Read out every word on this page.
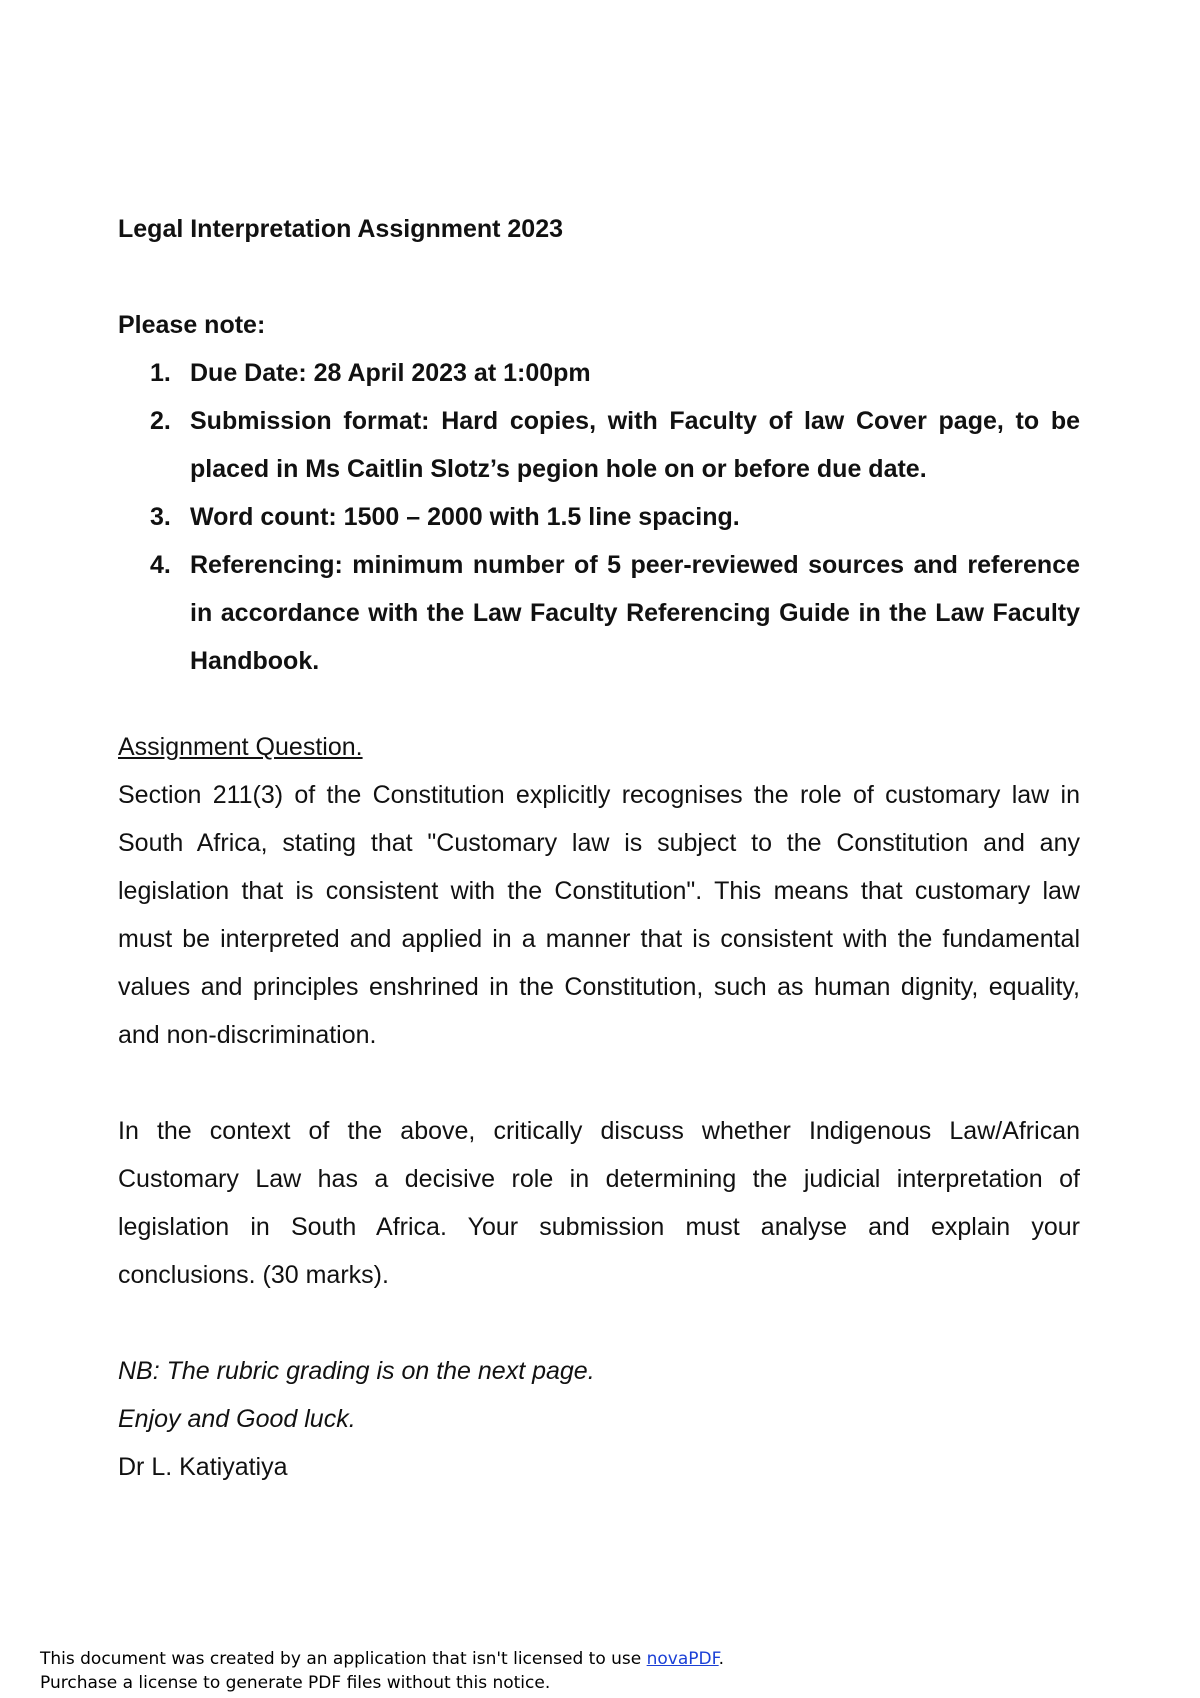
Legal Interpretation Assignment 2023

Please note:

1. Due Date: 28 April 2023 at 1:00pm
2. Submission format: Hard copies, with Faculty of law Cover page, to be placed in Ms Caitlin Slotz’s pegion hole on or before due date.
3. Word count: 1500 – 2000 with 1.5 line spacing.
4. Referencing: minimum number of 5 peer-reviewed sources and reference in accordance with the Law Faculty Referencing Guide in the Law Faculty Handbook.

Assignment Question.

Section 211(3) of the Constitution explicitly recognises the role of customary law in South Africa, stating that "Customary law is subject to the Constitution and any legislation that is consistent with the Constitution". This means that customary law must be interpreted and applied in a manner that is consistent with the fundamental values and principles enshrined in the Constitution, such as human dignity, equality, and non-discrimination.

In the context of the above, critically discuss whether Indigenous Law/African Customary Law has a decisive role in determining the judicial interpretation of legislation in South Africa. Your submission must analyse and explain your conclusions. (30 marks).

NB: The rubric grading is on the next page.

Enjoy and Good luck.

Dr L. Katiyatiya

This document was created by an application that isn't licensed to use novaPDF.
Purchase a license to generate PDF files without this notice.
